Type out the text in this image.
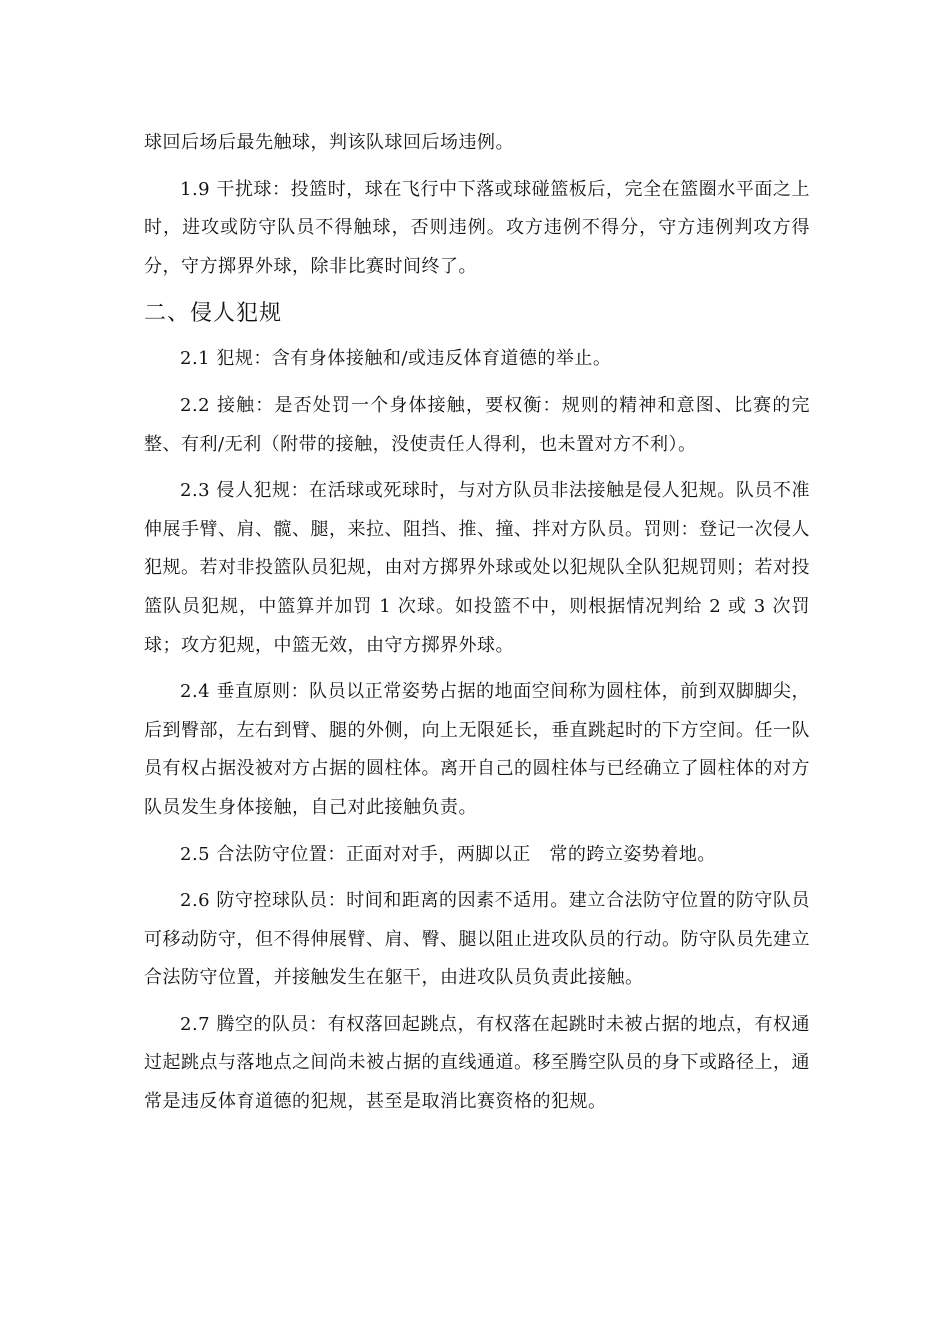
球回后场后最先触球，判该队球回后场违例。

1.9 干扰球：投篮时，球在飞行中下落或球碰篮板后，完全在篮圈水平面之上时，进攻或防守队员不得触球，否则违例。攻方违例不得分，守方违例判攻方得分，守方掷界外球，除非比赛时间终了。

二、侵人犯规

2.1 犯规：含有身体接触和/或违反体育道德的举止。

2.2 接触：是否处罚一个身体接触，要权衡：规则的精神和意图、比赛的完整、有利/无利（附带的接触，没使责任人得利，也未置对方不利）。

2.3 侵人犯规：在活球或死球时，与对方队员非法接触是侵人犯规。队员不准伸展手臂、肩、髋、腿，来拉、阻挡、推、撞、拌对方队员。罚则：登记一次侵人犯规。若对非投篮队员犯规，由对方掷界外球或处以犯规队全队犯规罚则；若对投篮队员犯规，中篮算并加罚 1 次球。如投篮不中，则根据情况判给 2 或 3 次罚球；攻方犯规，中篮无效，由守方掷界外球。

2.4 垂直原则：队员以正常姿势占据的地面空间称为圆柱体，前到双脚脚尖，后到臀部，左右到臂、腿的外侧，向上无限延长，垂直跳起时的下方空间。任一队员有权占据没被对方占据的圆柱体。离开自己的圆柱体与已经确立了圆柱体的对方队员发生身体接触，自己对此接触负责。

2.5 合法防守位置：正面对对手，两脚以正　常的跨立姿势着地。

2.6 防守控球队员：时间和距离的因素不适用。建立合法防守位置的防守队员可移动防守，但不得伸展臂、肩、臀、腿以阻止进攻队员的行动。防守队员先建立合法防守位置，并接触发生在躯干，由进攻队员负责此接触。

2.7 腾空的队员：有权落回起跳点，有权落在起跳时未被占据的地点，有权通过起跳点与落地点之间尚未被占据的直线通道。移至腾空队员的身下或路径上，通常是违反体育道德的犯规，甚至是取消比赛资格的犯规。
